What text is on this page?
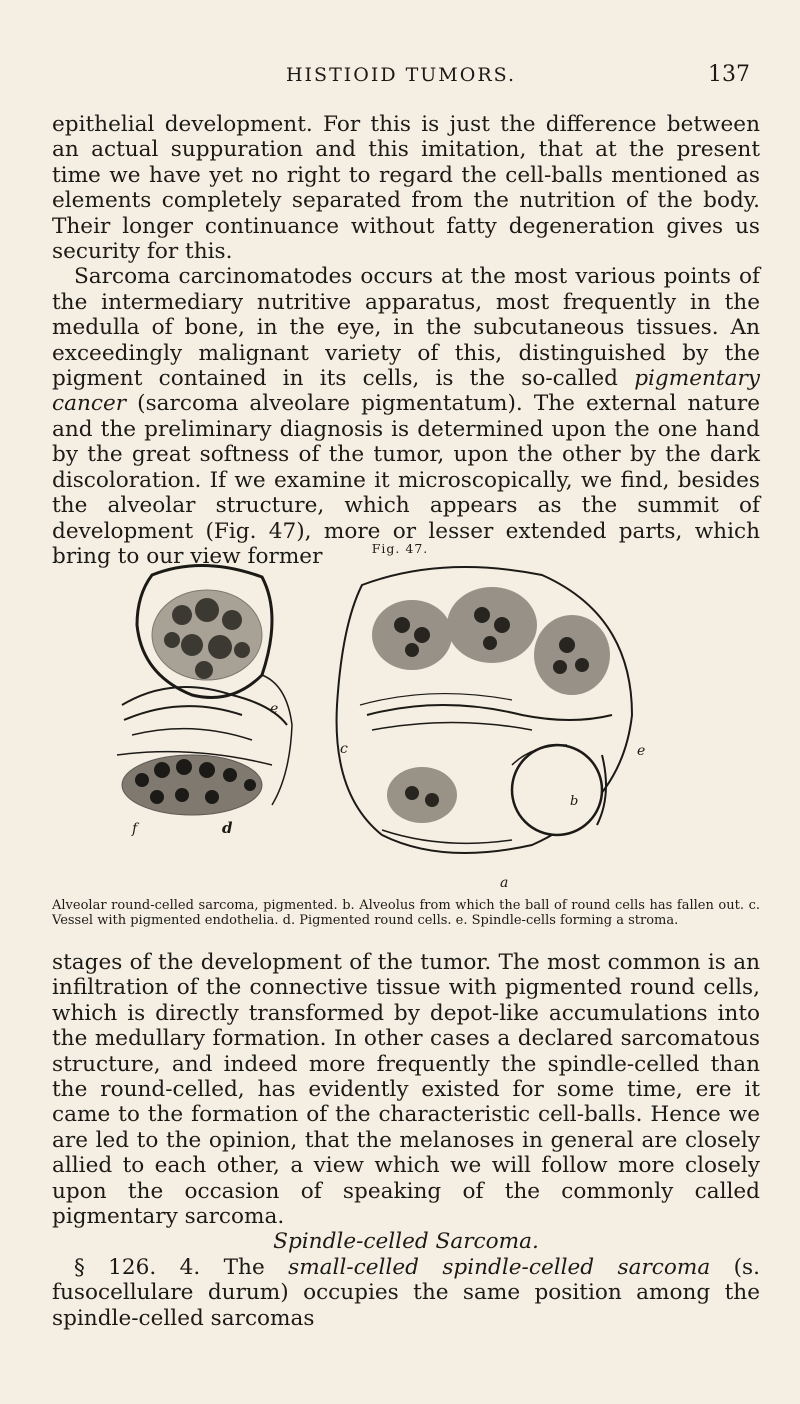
HISTIOID TUMORS.	137

epithelial development. For this is just the difference between an actual suppuration and this imitation, that at the present time we have yet no right to regard the cell-balls mentioned as elements completely separated from the nutrition of the body. Their longer continuance without fatty degeneration gives us security for this.

Sarcoma carcinomatodes occurs at the most various points of the intermediary nutritive apparatus, most frequently in the medulla of bone, in the eye, in the subcutaneous tissues. An exceedingly malignant variety of this, distinguished by the pigment contained in its cells, is the so-called pigmentary cancer (sarcoma alveolare pigmentatum). The external nature and the preliminary diagnosis is determined upon the one hand by the great softness of the tumor, upon the other by the dark discoloration. If we examine it microscopically, we find, besides the alveolar structure, which appears as the summit of development (Fig. 47), more or lesser extended parts, which bring to our view former	Fig. 47.
e
f	d
c	e
b
a
Alveolar round-celled sarcoma, pigmented. b. Alveolus from which the ball of round cells has fallen out. c. Vessel with pigmented endothelia. d. Pigmented round cells. e. Spindle-cells forming a stroma.

stages of the development of the tumor. The most common is an infiltration of the connective tissue with pigmented round cells, which is directly transformed by depot-like accumulations into the medullary formation. In other cases a declared sarcomatous structure, and indeed more frequently the spindle-celled than the round-celled, has evidently existed for some time, ere it came to the formation of the characteristic cell-balls. Hence we are led to the opinion, that the melanoses in general are closely allied to each other, a view which we will follow more closely upon the occasion of speaking of the commonly called pigmentary sarcoma.

Spindle-celled Sarcoma.

§ 126. 4. The small-celled spindle-celled sarcoma (s. fusocellulare durum) occupies the same position among the spindle-celled sarcomas
